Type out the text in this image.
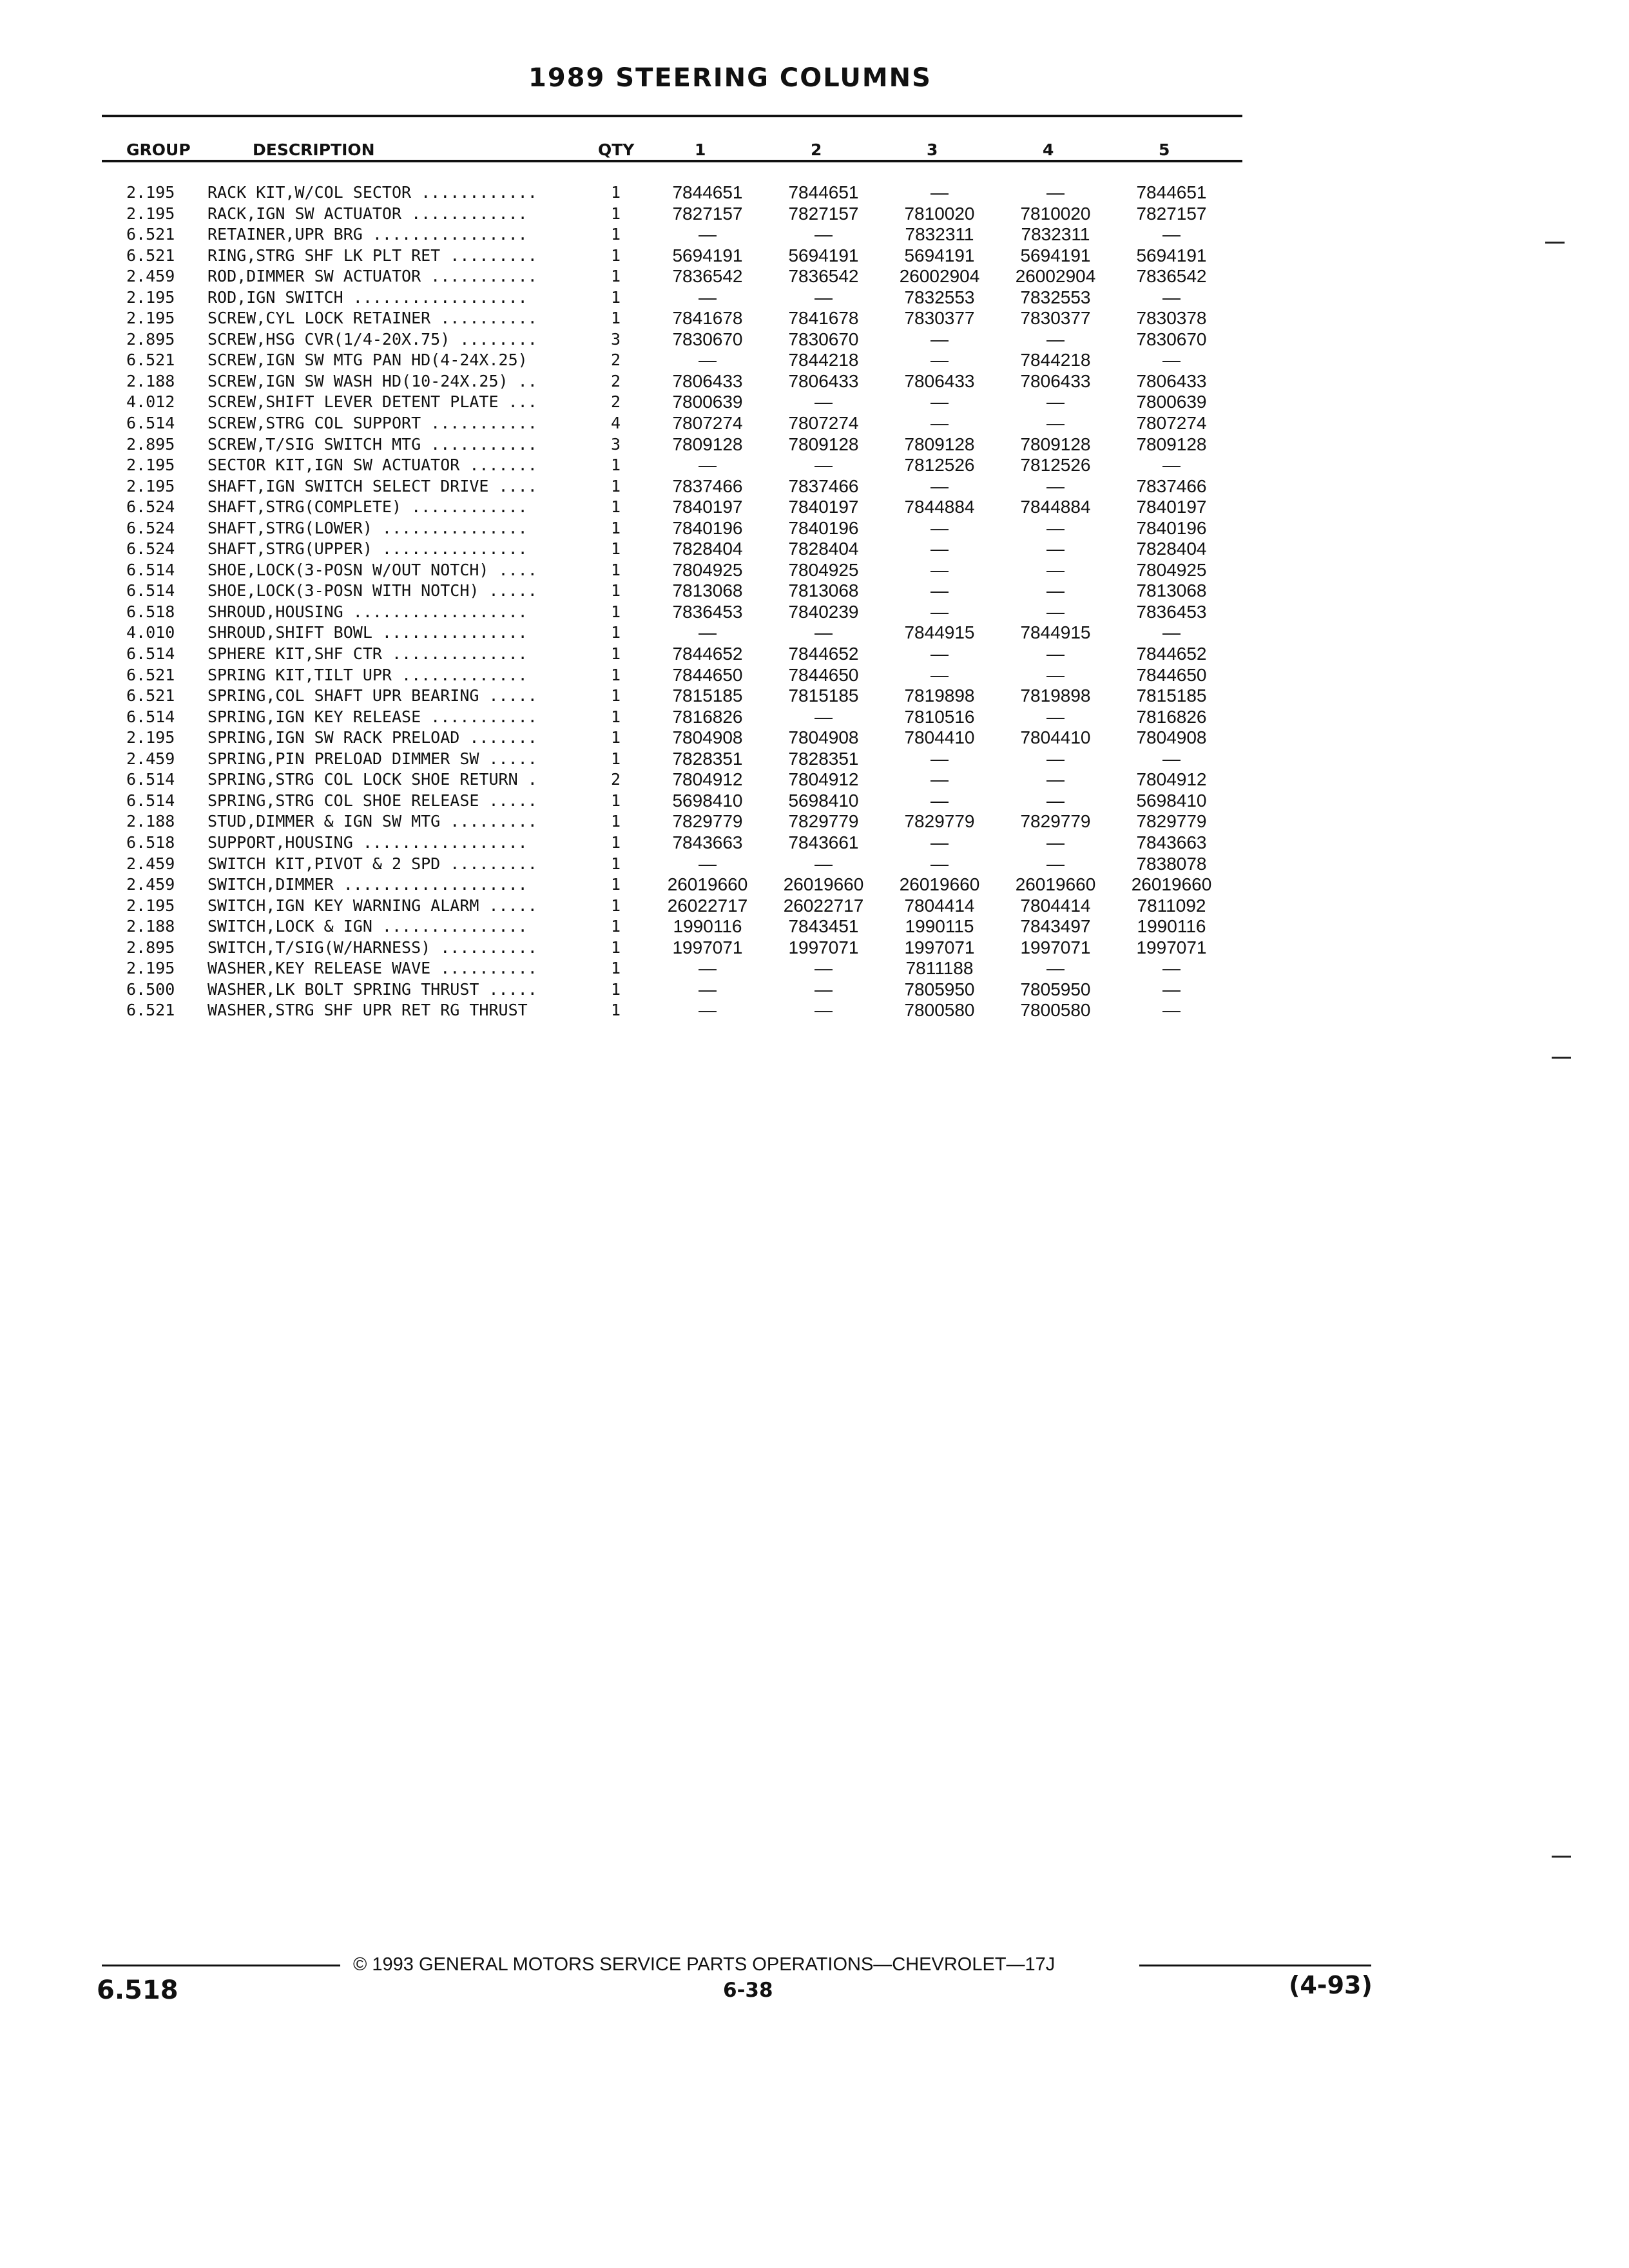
1989 STEERING COLUMNS
GROUP	DESCRIPTION	QTY	1	2	3	4	5
2.195 RACK KIT,W/COL SECTOR ............	1	7844651	7844651	—	—	7844651
2.195 RACK,IGN SW ACTUATOR ............	1	7827157	7827157	7810020	7810020	7827157
6.521 RETAINER,UPR BRG ................	1	—	—	7832311	7832311	—
6.521 RING,STRG SHF LK PLT RET .........	1	5694191	5694191	5694191	5694191	5694191
2.459 ROD,DIMMER SW ACTUATOR ...........	1	7836542	7836542	26002904	26002904	7836542
2.195 ROD,IGN SWITCH ..................	1	—	—	7832553	7832553	—
2.195 SCREW,CYL LOCK RETAINER ..........	1	7841678	7841678	7830377	7830377	7830378
2.895 SCREW,HSG CVR(1/4-20X.75) ........	3	7830670	7830670	—	—	7830670
6.521 SCREW,IGN SW MTG PAN HD(4-24X.25)	2	—	7844218	—	7844218	—
2.188 SCREW,IGN SW WASH HD(10-24X.25) ..	2	7806433	7806433	7806433	7806433	7806433
4.012 SCREW,SHIFT LEVER DETENT PLATE ...	2	7800639	—	—	—	7800639
6.514 SCREW,STRG COL SUPPORT ...........	4	7807274	7807274	—	—	7807274
2.895 SCREW,T/SIG SWITCH MTG ...........	3	7809128	7809128	7809128	7809128	7809128
2.195 SECTOR KIT,IGN SW ACTUATOR .......	1	—	—	7812526	7812526	—
2.195 SHAFT,IGN SWITCH SELECT DRIVE ....	1	7837466	7837466	—	—	7837466
6.524 SHAFT,STRG(COMPLETE) ............	1	7840197	7840197	7844884	7844884	7840197
6.524 SHAFT,STRG(LOWER) ...............	1	7840196	7840196	—	—	7840196
6.524 SHAFT,STRG(UPPER) ...............	1	7828404	7828404	—	—	7828404
6.514 SHOE,LOCK(3-POSN W/OUT NOTCH) ....	1	7804925	7804925	—	—	7804925
6.514 SHOE,LOCK(3-POSN WITH NOTCH) .....	1	7813068	7813068	—	—	7813068
6.518 SHROUD,HOUSING ..................	1	7836453	7840239	—	—	7836453
4.010 SHROUD,SHIFT BOWL ...............	1	—	—	7844915	7844915	—
6.514 SPHERE KIT,SHF CTR ..............	1	7844652	7844652	—	—	7844652
6.521 SPRING KIT,TILT UPR .............	1	7844650	7844650	—	—	7844650
6.521 SPRING,COL SHAFT UPR BEARING .....	1	7815185	7815185	7819898	7819898	7815185
6.514 SPRING,IGN KEY RELEASE ...........	1	7816826	—	7810516	—	7816826
2.195 SPRING,IGN SW RACK PRELOAD .......	1	7804908	7804908	7804410	7804410	7804908
2.459 SPRING,PIN PRELOAD DIMMER SW .....	1	7828351	7828351	—	—	—
6.514 SPRING,STRG COL LOCK SHOE RETURN .	2	7804912	7804912	—	—	7804912
6.514 SPRING,STRG COL SHOE RELEASE .....	1	5698410	5698410	—	—	5698410
2.188 STUD,DIMMER & IGN SW MTG .........	1	7829779	7829779	7829779	7829779	7829779
6.518 SUPPORT,HOUSING .................	1	7843663	7843661	—	—	7843663
2.459 SWITCH KIT,PIVOT & 2 SPD .........	1	—	—	—	—	7838078
2.459 SWITCH,DIMMER ...................	1	26019660	26019660	26019660	26019660	26019660
2.195 SWITCH,IGN KEY WARNING ALARM .....	1	26022717	26022717	7804414	7804414	7811092
2.188 SWITCH,LOCK & IGN ...............	1	1990116	7843451	1990115	7843497	1990116
2.895 SWITCH,T/SIG(W/HARNESS) ..........	1	1997071	1997071	1997071	1997071	1997071
2.195 WASHER,KEY RELEASE WAVE ..........	1	—	—	7811188	—	—
6.500 WASHER,LK BOLT SPRING THRUST .....	1	—	—	7805950	7805950	—
6.521 WASHER,STRG SHF UPR RET RG THRUST	1	—	—	7800580	7800580	—
© 1993 GENERAL MOTORS SERVICE PARTS OPERATIONS—CHEVROLET—17J
6.518	6-38	(4-93)
